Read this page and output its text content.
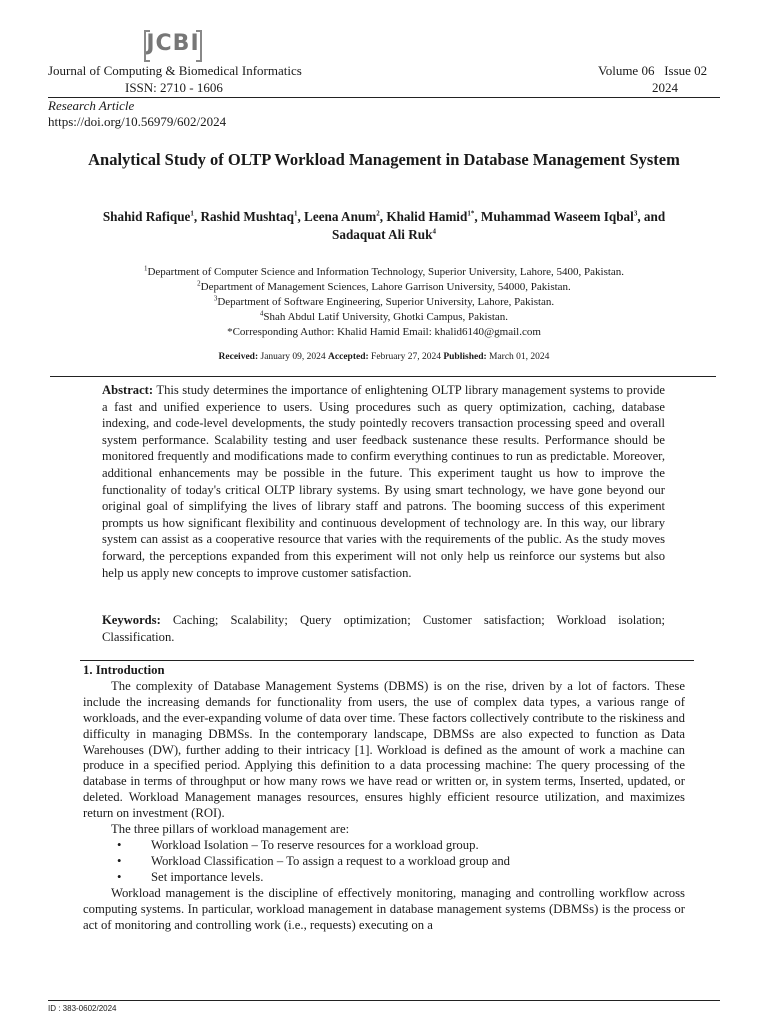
JCBI
Journal of Computing & Biomedical Informatics
ISSN: 2710 - 1606
Volume 06 Issue 02
2024
Research Article
https://doi.org/10.56979/602/2024
Analytical Study of OLTP Workload Management in Database Management System
Shahid Rafique$^1$, Rashid Mushtaq$^1$, Leena Anum$^2$, Khalid Hamid$^{1*}$, Muhammad Waseem Iqbal$^3$, and
Sadaquat Ali Ruk$^4$
$^1$Department of Computer Science and Information Technology, Superior University, Lahore, 5400, Pakistan.
$^2$Department of Management Sciences, Lahore Garrison University, 54000, Pakistan.
$^3$Department of Software Engineering, Superior University, Lahore, Pakistan.
$^4$Shah Abdul Latif University, Ghotki Campus, Pakistan.
*Corresponding Author: Khalid Hamid Email: khalid6140@gmail.com
Received: January 09, 2024 Accepted: February 27, 2024 Published: March 01, 2024
Abstract: This study determines the importance of enlightening OLTP library management systems to provide a fast and unified experience to users. Using procedures such as query optimization, caching, database indexing, and code-level developments, the study pointedly recovers transaction processing speed and overall system performance. Scalability testing and user feedback sustenance these results. Performance should be monitored frequently and modifications made to confirm everything continues to run as predictable. Moreover, additional enhancements may be possible in the future. This experiment taught us how to improve the functionality of today's critical OLTP library systems. By using smart technology, we have gone beyond our original goal of simplifying the lives of library staff and patrons. The booming success of this experiment prompts us how significant flexibility and continuous development of technology are. In this way, our library system can assist as a cooperative resource that varies with the requirements of the public. As the study moves forward, the perceptions expanded from this experiment will not only help us reinforce our systems but also help us apply new concepts to improve customer satisfaction.
Keywords: Caching; Scalability; Query optimization; Customer satisfaction; Workload isolation; Classification.

1. Introduction

The complexity of Database Management Systems (DBMS) is on the rise, driven by a lot of factors. These include the increasing demands for functionality from users, the use of complex data types, a various range of workloads, and the ever-expanding volume of data over time. These factors collectively contribute to the riskiness and difficulty in managing DBMSs. In the contemporary landscape, DBMSs are also expected to function as Data Warehouses (DW), further adding to their intricacy [1]. Workload is defined as the amount of work a machine can produce in a specified period. Applying this definition to a data processing machine: The query processing of the database in terms of throughput or how many rows we have read or written or, in system terms, Inserted, updated, or deleted. Workload Management manages resources, ensures highly efficient resource utilization, and maximizes return on investment (ROI).

The three pillars of workload management are:

•	Workload Isolation – To reserve resources for a workload group.
•	Workload Classification – To assign a request to a workload group and
•	Set importance levels.

Workload management is the discipline of effectively monitoring, managing and controlling workflow across computing systems. In particular, workload management in database management systems (DBMSs) is the process or act of monitoring and controlling work (i.e., requests) executing on a

ID : 383-0602/2024
